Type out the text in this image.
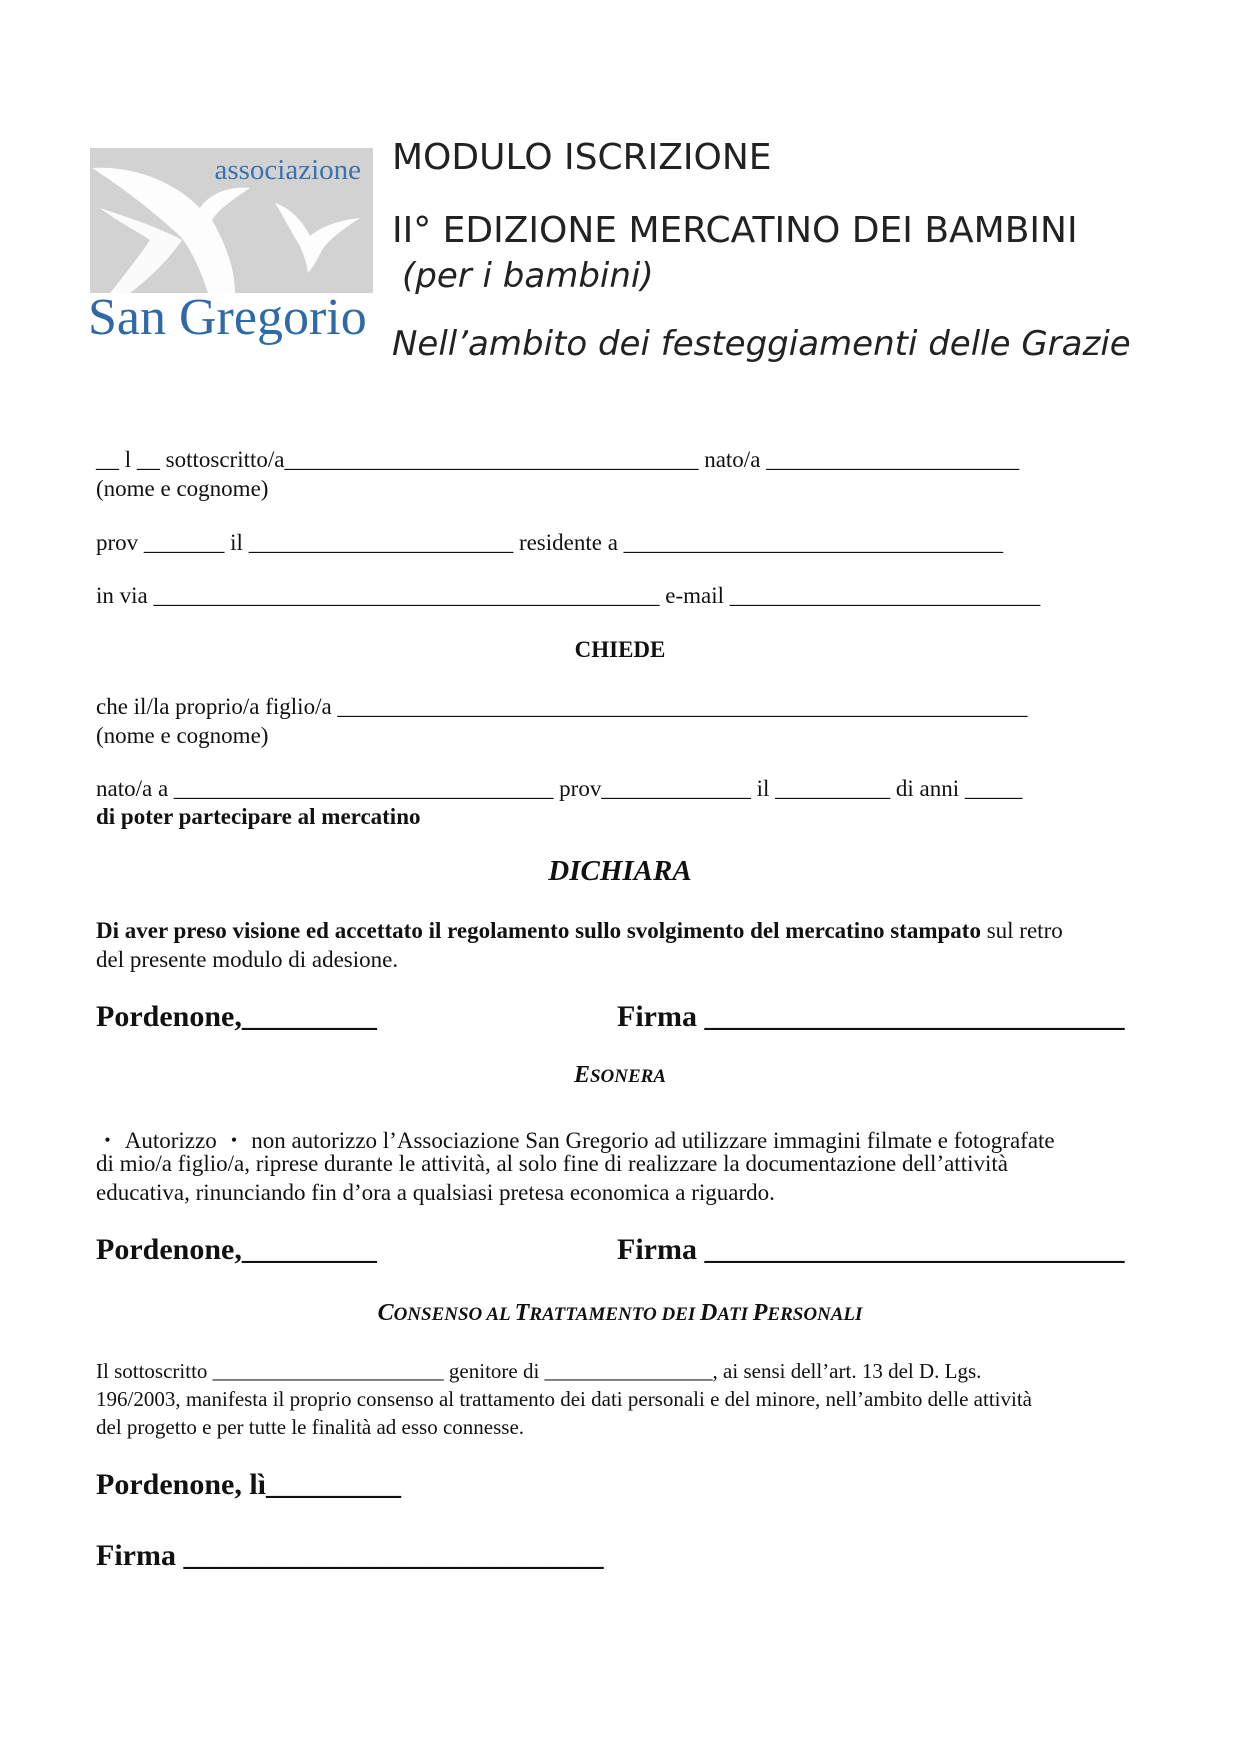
associazione
San Gregorio
MODULO ISCRIZIONE
II° EDIZIONE MERCATINO DEI BAMBINI
(per i bambini)
Nell’ambito dei festeggiamenti delle Grazie
__ l __ sottoscritto/a____________________________________ nato/a ______________________
(nome e cognome)
prov _______ il _______________________ residente a _________________________________
in via ____________________________________________ e-mail ___________________________
CHIEDE
che il/la proprio/a figlio/a ____________________________________________________________
(nome e cognome)
nato/a a _________________________________ prov_____________ il __________ di anni _____
di poter partecipare al mercatino
DICHIARA
Di aver preso visione ed accettato il regolamento sullo svolgimento del mercatino stampato sul retro
del presente modulo di adesione.
Pordenone,_________	Firma ____________________________
ESONERA
・ Autorizzo ・ non autorizzo l’Associazione San Gregorio ad utilizzare immagini filmate e fotografate
di mio/a figlio/a, riprese durante le attività, al solo fine di realizzare la documentazione dell’attività
educativa, rinunciando fin d’ora a qualsiasi pretesa economica a riguardo.
Pordenone,_________	Firma ____________________________
CONSENSO AL TRATTAMENTO DEI DATI PERSONALI
Il sottoscritto ______________________ genitore di ________________, ai sensi dell’art. 13 del D. Lgs.
196/2003, manifesta il proprio consenso al trattamento dei dati personali e del minore, nell’ambito delle attività
del progetto e per tutte le finalità ad esso connesse.
Pordenone, lì_________
Firma ____________________________
